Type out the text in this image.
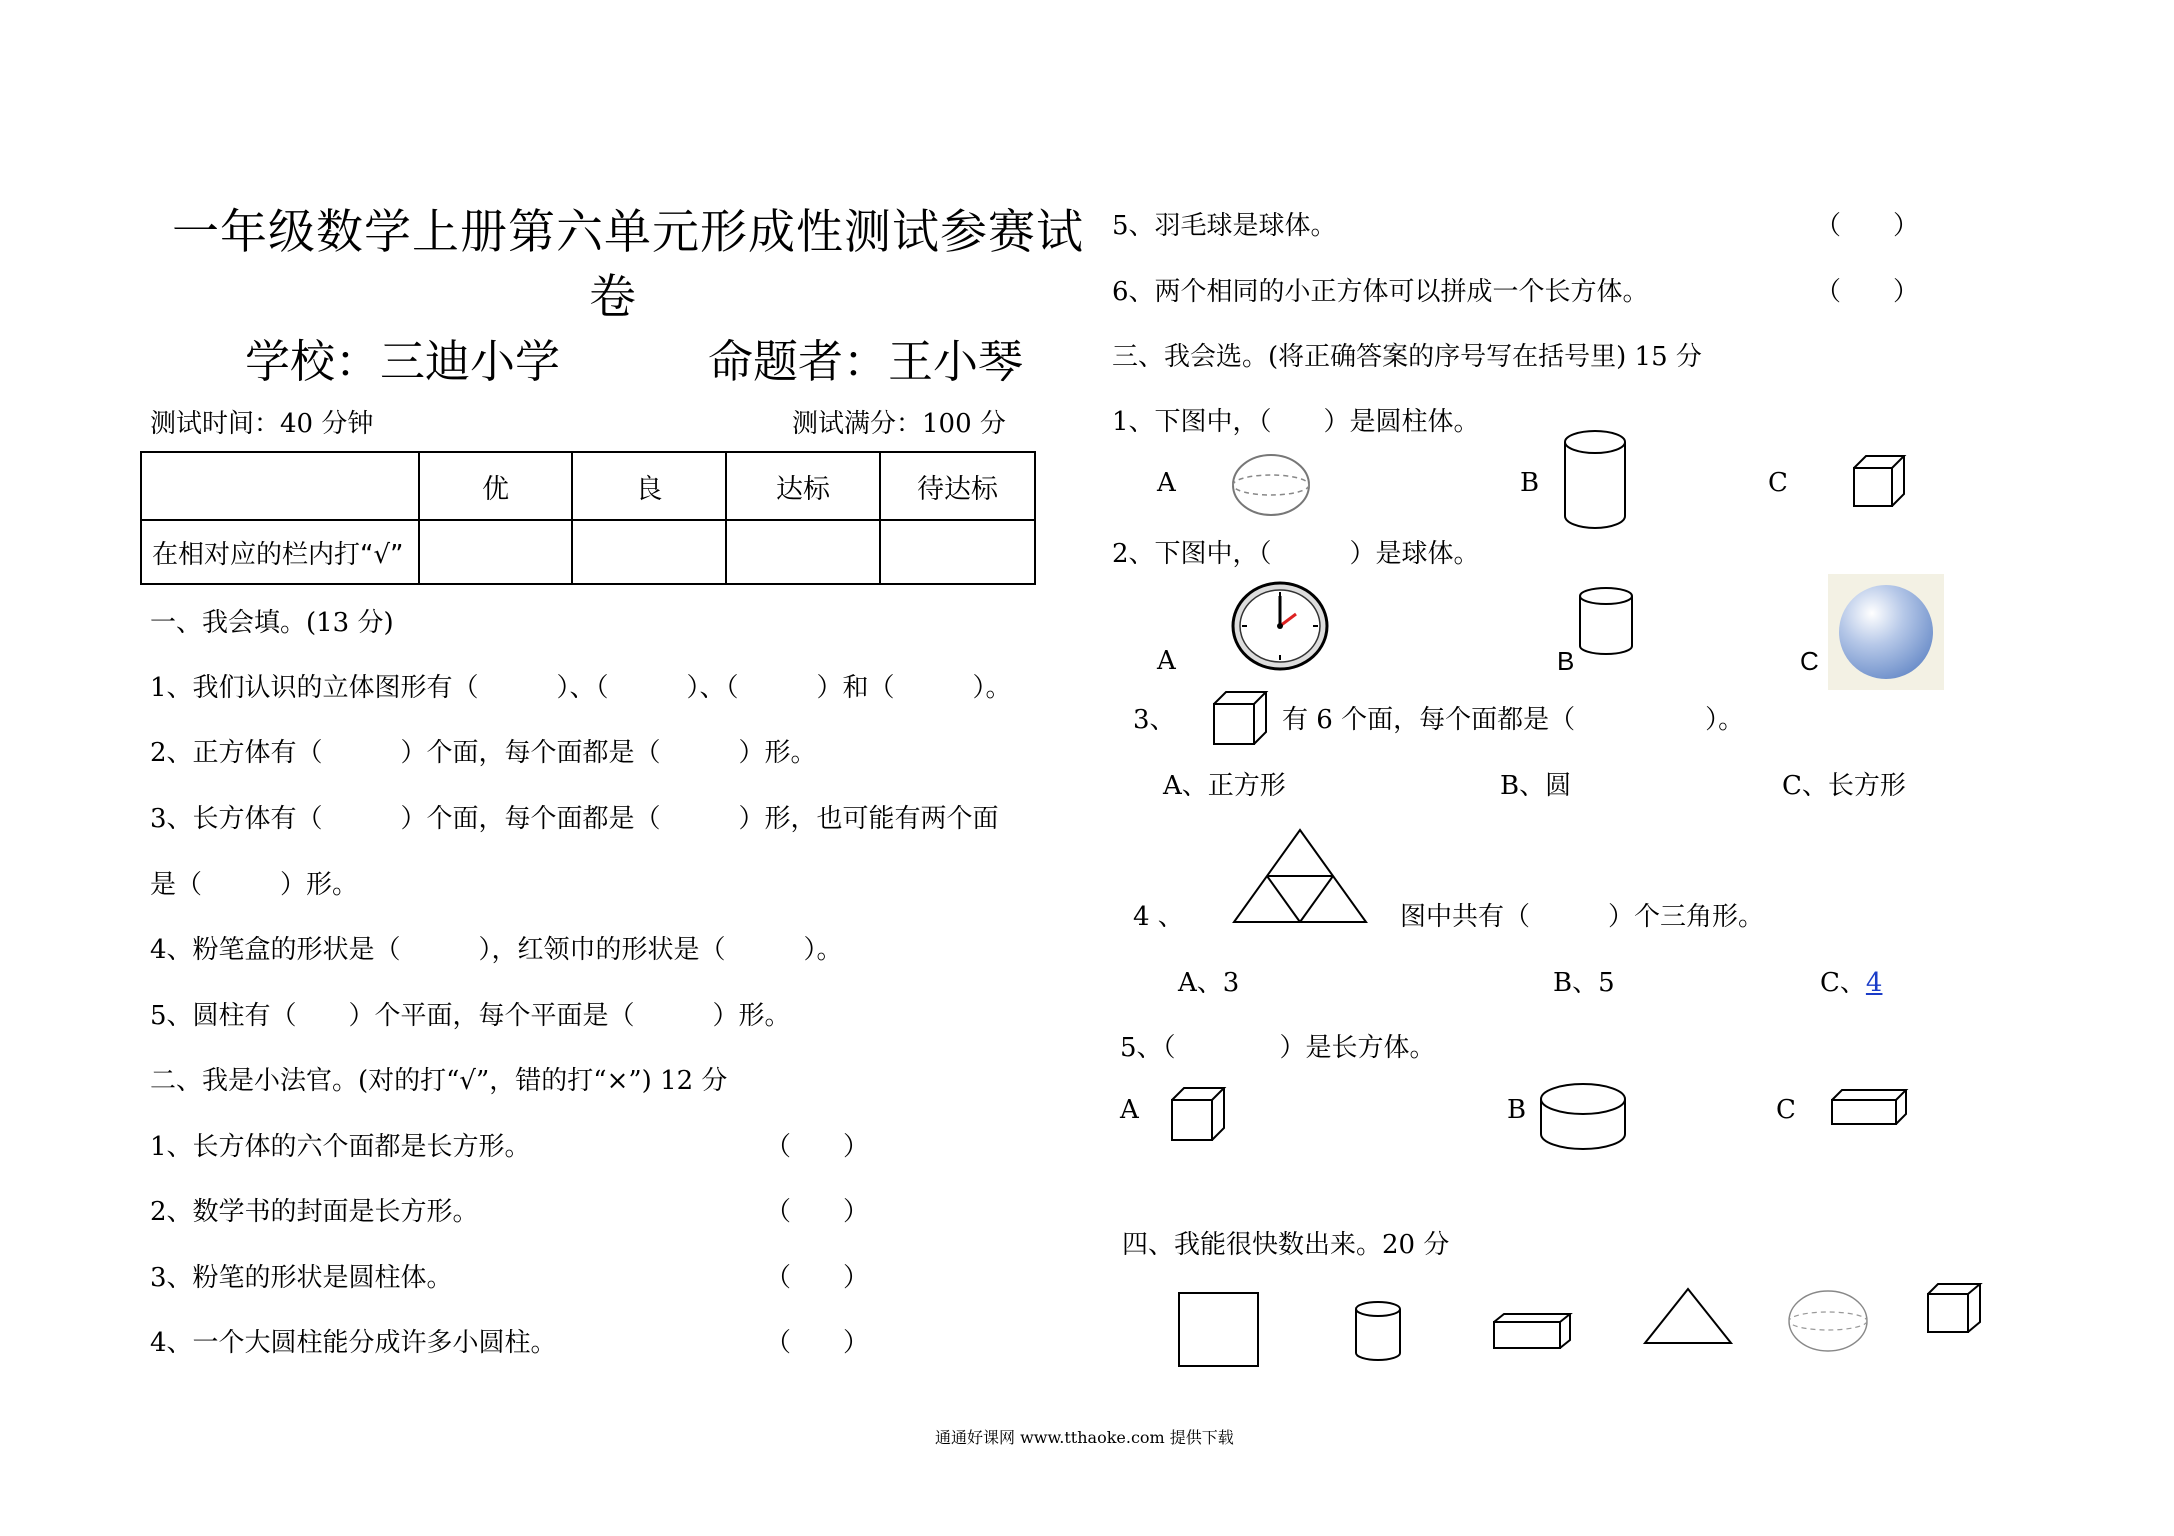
一年级数学上册第六单元形成性测试参赛试
卷
学校：三迪小学	命题者：王小琴
测试时间：40 分钟	测试满分：100 分
	优	良	达标	待达标
在相对应的栏内打“√”				
一、我会填。(13 分)
1、我们认识的立体图形有（　　　）、（　　　）、（　　　）和（　　　）。
2、正方体有（　　　）个面，每个面都是（　　　）形。
3、长方体有（　　　）个面，每个面都是（　　　）形，也可能有两个面
是（　　　）形。
4、粉笔盒的形状是（　　　），红领巾的形状是（　　　）。
5、圆柱有（　　）个平面，每个平面是（　　　）形。
二、我是小法官。(对的打“√”，错的打“×”) 12 分
1、长方体的六个面都是长方形。	（　　）
2、数学书的封面是长方形。	（　　）
3、粉笔的形状是圆柱体。	（　　）
4、一个大圆柱能分成许多小圆柱。	（　　）
5、羽毛球是球体。	（　　）
6、两个相同的小正方体可以拼成一个长方体。	（　　）
三、我会选。(将正确答案的序号写在括号里) 15 分
1、下图中，（　　）是圆柱体。
A	B	C
2、下图中，（　　　）是球体。
A	B	C
3、	有 6 个面，每个面都是（　　　　　）。
A、正方形	B、圆	C、长方形
4 、	图中共有（　　　）个三角形。
A、3	B、5	C、4
5、（　　　　）是长方体。
A	B	C
四、我能很快数出来。20 分
通通好课网 www.tthaoke.com 提供下载
